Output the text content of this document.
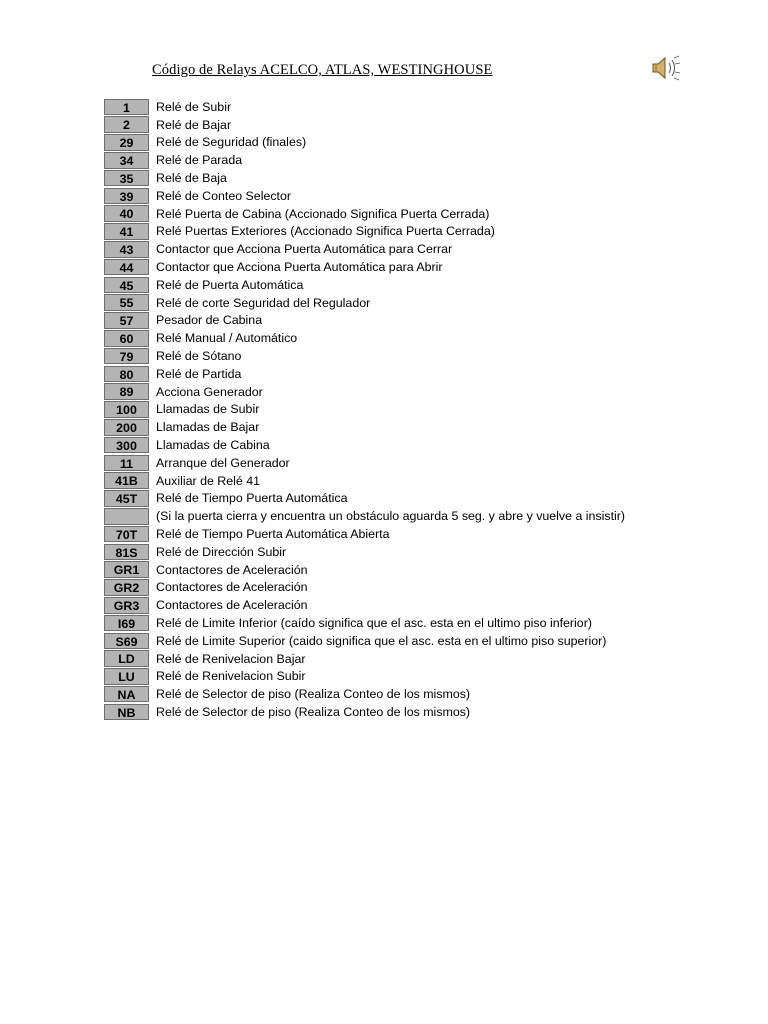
Código de Relays ACELCO, ATLAS, WESTINGHOUSE
1	Relé de Subir
2	Relé de Bajar
29	Relé de Seguridad (finales)
34	Relé de Parada
35	Relé de Baja
39	Relé de Conteo Selector
40	Relé Puerta de Cabina (Accionado Significa Puerta Cerrada)
41	Relé Puertas Exteriores (Accionado Significa Puerta Cerrada)
43	Contactor que Acciona Puerta Automática para Cerrar
44	Contactor que Acciona Puerta Automática para Abrir
45	Relé de Puerta Automática
55	Relé de corte Seguridad del Regulador
57	Pesador de Cabina
60	Relé Manual / Automático
79	Relé de Sótano
80	Relé de Partida
89	Acciona Generador
100	Llamadas de Subir
200	Llamadas de Bajar
300	Llamadas de Cabina
11	Arranque del Generador
41B	Auxiliar de Relé 41
45T	Relé de Tiempo Puerta Automática
(Si la puerta cierra y encuentra un obstáculo aguarda 5 seg. y abre y vuelve a insistir)
70T	Relé de Tiempo Puerta Automática Abierta
81S	Relé de Dirección Subir
GR1	Contactores de Aceleración
GR2	Contactores de Aceleración
GR3	Contactores de Aceleración
I69	Relé de Limite Inferior (caído significa que el asc. esta en el ultimo piso inferior)
S69	Relé de Limite Superior (caido significa que el asc. esta en el ultimo piso superior)
LD	Relé de Renivelacion Bajar
LU	Relé de Renivelacion Subir
NA	Relé de Selector de piso (Realiza Conteo de los mismos)
NB	Relé de Selector de piso (Realiza Conteo de los mismos)
